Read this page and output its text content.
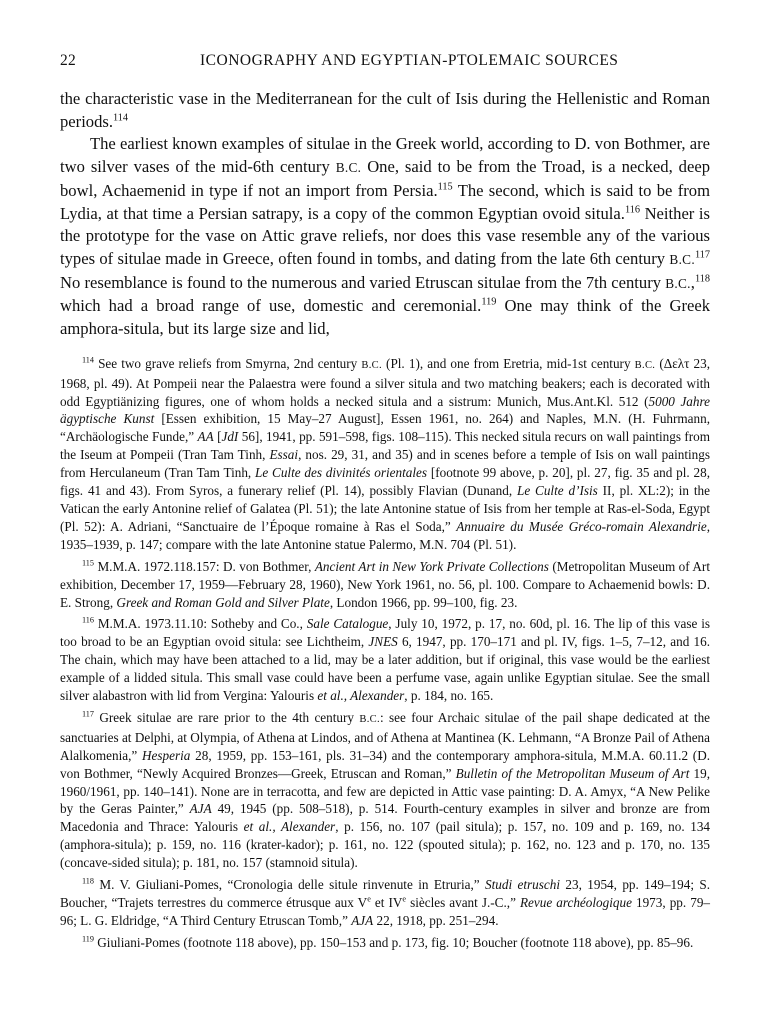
22	ICONOGRAPHY AND EGYPTIAN-PTOLEMAIC SOURCES

the characteristic vase in the Mediterranean for the cult of Isis during the Hellenistic and Roman periods.$^{114}$

The earliest known examples of situlae in the Greek world, according to D. von Bothmer, are two silver vases of the mid-6th century B.C. One, said to be from the Troad, is a necked, deep bowl, Achaemenid in type if not an import from Persia.$^{115}$ The second, which is said to be from Lydia, at that time a Persian satrapy, is a copy of the common Egyptian ovoid situla.$^{116}$ Neither is the prototype for the vase on Attic grave reliefs, nor does this vase resemble any of the various types of situlae made in Greece, often found in tombs, and dating from the late 6th century B.C.$^{117}$ No resemblance is found to the numerous and varied Etruscan situlae from the 7th century B.C.,$^{118}$ which had a broad range of use, domestic and ceremonial.$^{119}$ One may think of the Greek amphora-situla, but its large size and lid,

$^{114}$ See two grave reliefs from Smyrna, 2nd century B.C. (Pl. 1), and one from Eretria, mid-1st century B.C. (Δελτ 23, 1968, pl. 49). At Pompeii near the Palaestra were found a silver situla and two matching beakers; each is decorated with odd Egyptiänizing figures, one of whom holds a necked situla and a sistrum: Munich, Mus.Ant.Kl. 512 (5000 Jahre ägyptische Kunst [Essen exhibition, 15 May–27 August], Essen 1961, no. 264) and Naples, M.N. (H. Fuhrmann, “Archäologische Funde,” AA [JdI 56], 1941, pp. 591–598, figs. 108–115). This necked situla recurs on wall paintings from the Iseum at Pompeii (Tran Tam Tinh, Essai, nos. 29, 31, and 35) and in scenes before a temple of Isis on wall paintings from Herculaneum (Tran Tam Tinh, Le Culte des divinités orientales [footnote 99 above, p. 20], pl. 27, fig. 35 and pl. 28, figs. 41 and 43). From Syros, a funerary relief (Pl. 14), possibly Flavian (Dunand, Le Culte d’Isis II, pl. XL:2); in the Vatican the early Antonine relief of Galatea (Pl. 51); the late Antonine statue of Isis from her temple at Ras-el-Soda, Egypt (Pl. 52): A. Adriani, “Sanctuaire de l’Époque romaine à Ras el Soda,” Annuaire du Musée Gréco-romain Alexandrie, 1935–1939, p. 147; compare with the late Antonine statue Palermo, M.N. 704 (Pl. 51).

$^{115}$ M.M.A. 1972.118.157: D. von Bothmer, Ancient Art in New York Private Collections (Metropolitan Museum of Art exhibition, December 17, 1959—February 28, 1960), New York 1961, no. 56, pl. 100. Compare to Achaemenid bowls: D. E. Strong, Greek and Roman Gold and Silver Plate, London 1966, pp. 99–100, fig. 23.

$^{116}$ M.M.A. 1973.11.10: Sotheby and Co., Sale Catalogue, July 10, 1972, p. 17, no. 60d, pl. 16. The lip of this vase is too broad to be an Egyptian ovoid situla: see Lichtheim, JNES 6, 1947, pp. 170–171 and pl. IV, figs. 1–5, 7–12, and 16. The chain, which may have been attached to a lid, may be a later addition, but if original, this vase would be the earliest example of a lidded situla. This small vase could have been a perfume vase, again unlike Egyptian situlae. See the small silver alabastron with lid from Vergina: Yalouris et al., Alexander, p. 184, no. 165.

$^{117}$ Greek situlae are rare prior to the 4th century B.C.: see four Archaic situlae of the pail shape dedicated at the sanctuaries at Delphi, at Olympia, of Athena at Lindos, and of Athena at Mantinea (K. Lehmann, “A Bronze Pail of Athena Alalkomenia,” Hesperia 28, 1959, pp. 153–161, pls. 31–34) and the contemporary amphora-situla, M.M.A. 60.11.2 (D. von Bothmer, “Newly Acquired Bronzes—Greek, Etruscan and Roman,” Bulletin of the Metropolitan Museum of Art 19, 1960/1961, pp. 140–141). None are in terracotta, and few are depicted in Attic vase painting: D. A. Amyx, “A New Pelike by the Geras Painter,” AJA 49, 1945 (pp. 508–518), p. 514. Fourth-century examples in silver and bronze are from Macedonia and Thrace: Yalouris et al., Alexander, p. 156, no. 107 (pail situla); p. 157, no. 109 and p. 169, no. 134 (amphora-situla); p. 159, no. 116 (krater-kador); p. 161, no. 122 (spouted situla); p. 162, no. 123 and p. 170, no. 135 (concave-sided situla); p. 181, no. 157 (stamnoid situla).

$^{118}$ M. V. Giuliani-Pomes, “Cronologia delle situle rinvenute in Etruria,” Studi etruschi 23, 1954, pp. 149–194; S. Boucher, “Trajets terrestres du commerce étrusque aux Ve et IVe siècles avant J.-C.,” Revue archéologique 1973, pp. 79–96; L. G. Eldridge, “A Third Century Etruscan Tomb,” AJA 22, 1918, pp. 251–294.

$^{119}$ Giuliani-Pomes (footnote 118 above), pp. 150–153 and p. 173, fig. 10; Boucher (footnote 118 above), pp. 85–96.
